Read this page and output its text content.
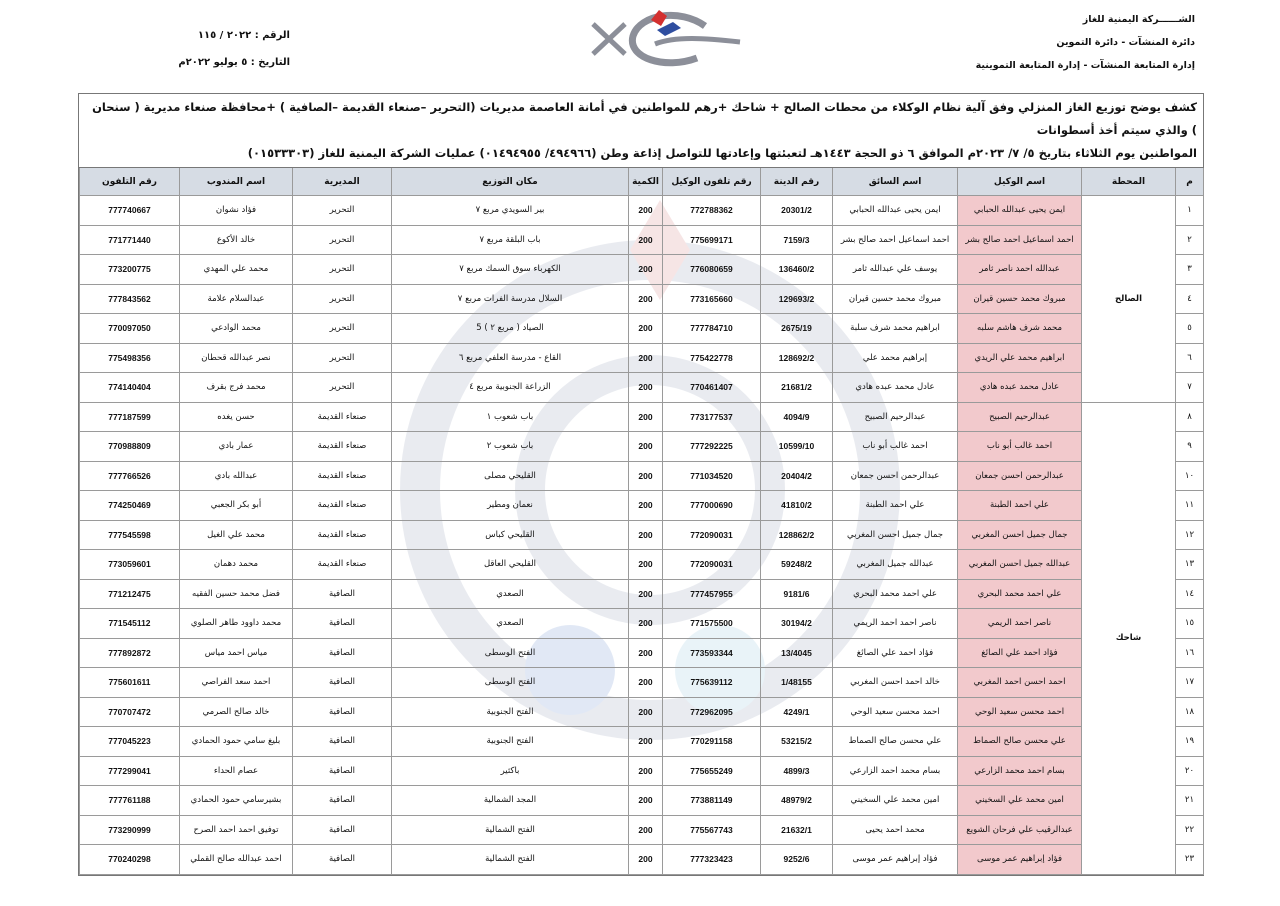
الشــــــركة اليمنية للغاز
دائرة المنشآت - دائرة التموين
إدارة المتابعة المنشآت - إدارة المتابعة التموينية
الرقم : ٢٠٢٢ / ١١٥
التاريخ : ٥ يوليو ٢٠٢٢م
كشف يوضح توزيع الغاز المنزلي وفق آلية نظام الوكلاء من محطات الصالح + شاحك +رهم للمواطنين في أمانة العاصمة مديريات (التحرير –صنعاء القديمة –الصافية ) +محافظة صنعاء مديرية ( سنحان ) والذي سيتم أخذ أسطوانات
المواطنين يوم الثلاثاء بتاريخ ٥/ ٧/ ٢٠٢٣م الموافق ٦ ذو الحجة ١٤٤٣هـ لتعبئتها وإعادتها للتواصل إذاعة وطن (٤٩٤٩٦٦/ ٠١٤٩٤٩٥٥) عمليات الشركة اليمنية للغاز (٠١٥٣٣٣٠٣)
م	المحطة	اسم الوكيل	اسم السائق	رقم الدينة	رقم تلفون الوكيل	الكمية	مكان التوزيع	المديرية	اسم المندوب	رقم التلفون
١	الصالح	ايمن يحيى عبدالله الحبابي	ايمن يحيى عبدالله الحبابي	20301/2	772788362	200	بير السويدي مربع ٧	التحرير	فؤاد نشوان	777740667
٢		احمد اسماعيل احمد صالح بشر	احمد اسماعيل احمد صالح بشر	7159/3	775699171	200	باب البلقة مربع ٧	التحرير	خالد الأكوع	771771440
٣		عبدالله احمد ناصر ثامر	يوسف علي عبدالله ثامر	136460/2	776080659	200	الكهرباء سوق السمك مربع ٧	التحرير	محمد علي المهدي	773200775
٤		مبروك محمد حسين قيران	مبروك محمد حسين قيران	129693/2	773165660	200	السلال مدرسة الفرات مربع ٧	التحرير	عبدالسلام علامة	777843562
٥		محمد شرف هاشم سلبه	ابراهيم محمد شرف سلبة	2675/19	777784710	200	الصياد ( مربع ٢ ) 5	التحرير	محمد الوادعي	770097050
٦		ابراهيم محمد علي الريدي	إبراهيم محمد علي	128692/2	775422778	200	القاع - مدرسة العلفي مربع ٦	التحرير	نصر عبدالله قحطان	775498356
٧		عادل محمد عبده هادي	عادل محمد عبده هادي	21681/2	770461407	200	الزراعة الجنوبية مربع ٤	التحرير	محمد فرج بقرف	774140404
٨	شاحك	عبدالرحيم الصبيح	عبدالرحيم الصبيح	4094/9	773177537	200	باب شعوب ١	صنعاء القديمة	حسن يغده	777187599
٩		احمد غالب أبو ناب	احمد غالب أبو ناب	10599/10	777292225	200	باب شعوب ٢	صنعاء القديمة	عمار بادي	770988809
١٠		عبدالرحمن احسن جمعان	عبدالرحمن احسن جمعان	20404/2	771034520	200	القليحي مصلى	صنعاء القديمة	عبدالله بادي	777766526
١١		علي احمد الطبنة	علي احمد الطبنة	41810/2	777000690	200	نعمان ومطير	صنعاء القديمة	أبو بكر الجعبي	774250469
١٢		جمال جميل احسن المغربي	جمال جميل احسن المغربي	128862/2	772090031	200	القليحي كباس	صنعاء القديمة	محمد علي الغيل	777545598
١٣		عبدالله جميل احسن المغربي	عبدالله جميل المغربي	59248/2	772090031	200	القليحي العاقل	صنعاء القديمة	محمد دهمان	773059601
١٤		علي احمد محمد البحري	علي احمد محمد البحري	9181/6	777457955	200	الصعدي	الصافية	فضل محمد حسين الفقيه	771212475
١٥		ناصر احمد الريمي	ناصر احمد احمد الريمي	30194/2	771575500	200	الصعدي	الصافية	محمد داوود طاهر الصلوي	771545112
١٦		فؤاد احمد علي الصائغ	فؤاد احمد علي الصائغ	13/4045	773593344	200	الفتح الوسطى	الصافية	مياس احمد مياس	777892872
١٧		احمد احسن احمد المغربي	خالد احمد احسن المغربي	1/48155	775639112	200	الفتح الوسطى	الصافية	احمد سعد الفراصي	775601611
١٨		احمد محسن سعيد الوحي	احمد محسن سعيد الوحي	4249/1	772962095	200	الفتح الجنوبية	الصافية	خالد صالح الصرمي	770707472
١٩		علي محسن صالح الصماط	علي محسن صالح الصماط	53215/2	770291158	200	الفتح الجنوبية	الصافية	بليغ سامي حمود الحمادي	777045223
٢٠		بسام احمد محمد الزارعي	بسام محمد احمد الزارعي	4899/3	775655249	200	باكثير	الصافية	عصام الحداء	777299041
٢١		امين محمد علي السخيني	امين محمد علي السخيني	48979/2	773881149	200	المجد الشمالية	الصافية	بشيرسامي حمود الحمادي	777761188
٢٢		عبدالرقيب علي فرحان الشويع	محمد احمد يحيى	21632/1	775567743	200	الفتح الشمالية	الصافية	توفيق احمد احمد الصرح	773290999
٢٣		فؤاد إبراهيم عمر موسى	فؤاد إبراهيم عمر موسى	9252/6	777323423	200	الفتح الشمالية	الصافية	احمد عبدالله صالح القملي	770240298
